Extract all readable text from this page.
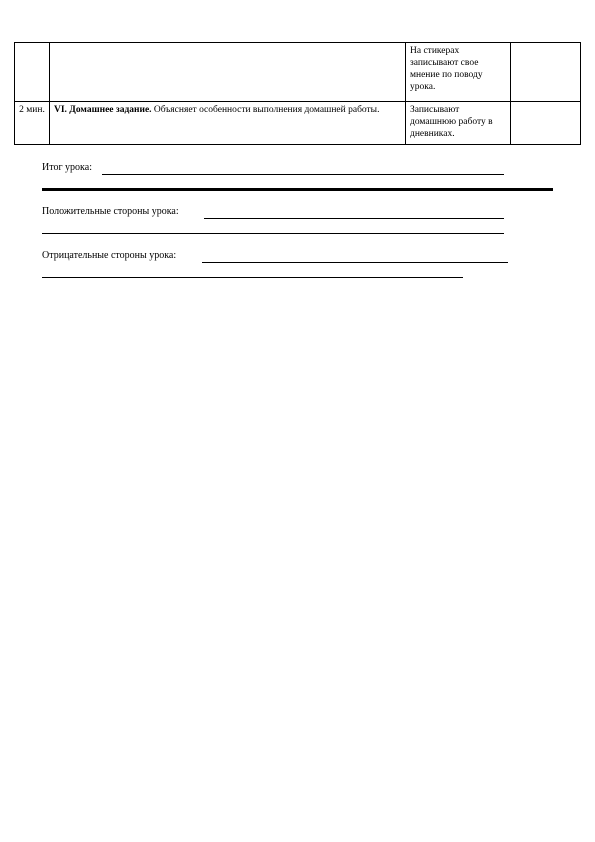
		На стикерах записывают свое мнение по поводу урока.	
2 мин.	VI. Домашнее задание. Объясняет особенности выполнения домашней работы.	Записывают домашнюю работу в дневниках.	
Итог урока:
Положительные стороны урока:
Отрицательные стороны урока:
